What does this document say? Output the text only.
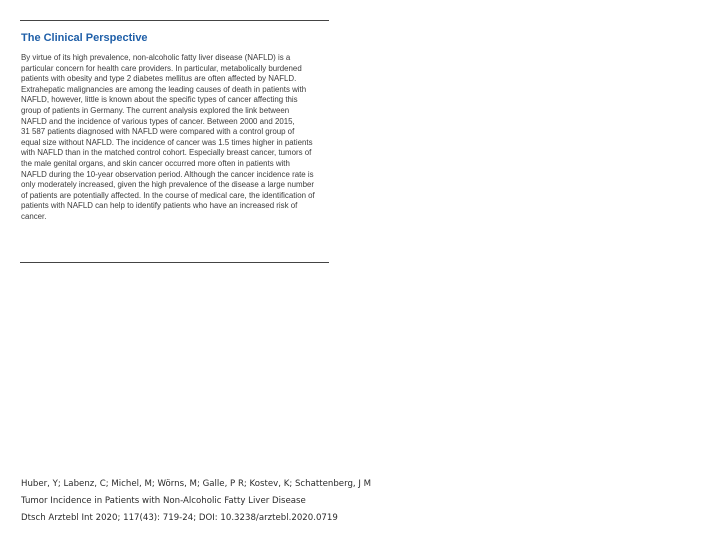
The Clinical Perspective

By virtue of its high prevalence, non-alcoholic fatty liver disease (NAFLD) is a
particular concern for health care providers. In particular, metabolically burdened
patients with obesity and type 2 diabetes mellitus are often affected by NAFLD.
Extrahepatic malignancies are among the leading causes of death in patients with
NAFLD, however, little is known about the specific types of cancer affecting this
group of patients in Germany. The current analysis explored the link between
NAFLD and the incidence of various types of cancer. Between 2000 and 2015,
31 587 patients diagnosed with NAFLD were compared with a control group of
equal size without NAFLD. The incidence of cancer was 1.5 times higher in patients
with NAFLD than in the matched control cohort. Especially breast cancer, tumors of
the male genital organs, and skin cancer occurred more often in patients with
NAFLD during the 10-year observation period. Although the cancer incidence rate is
only moderately increased, given the high prevalence of the disease a large number
of patients are potentially affected. In the course of medical care, the identification of
patients with NAFLD can help to identify patients who have an increased risk of
cancer.

Huber, Y; Labenz, C; Michel, M; Wörns, M; Galle, P R; Kostev, K; Schattenberg, J M
Tumor Incidence in Patients with Non-Alcoholic Fatty Liver Disease
Dtsch Arztebl Int 2020; 117(43): 719-24; DOI: 10.3238/arztebl.2020.0719
